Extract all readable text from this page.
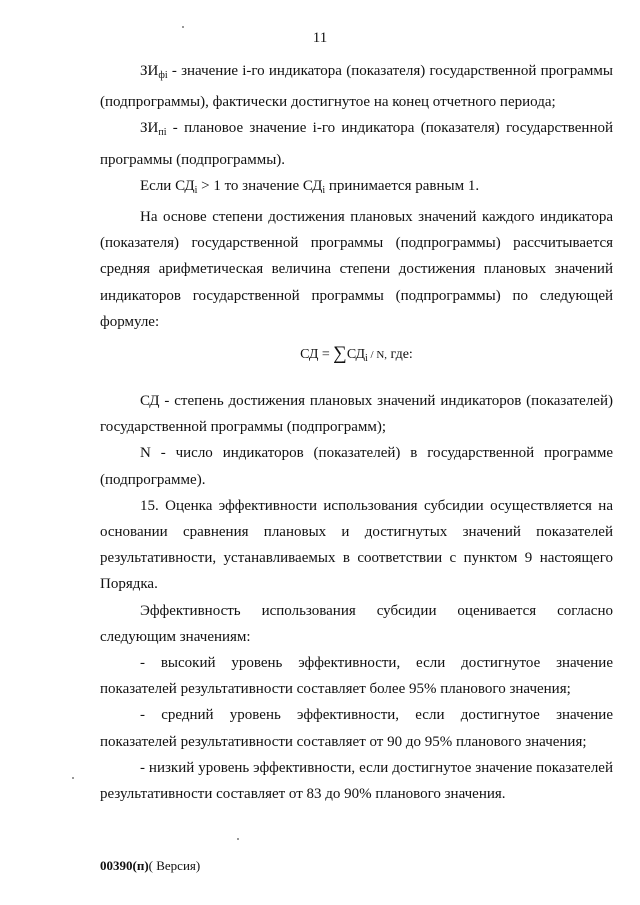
11

$ЗИ_{фi}$ - значение i-го индикатора (показателя) государственной программы (подпрограммы), фактически достигнутое на конец отчетного периода;

$ЗИ_{пi}$ - плановое значение i-го индикатора (показателя) государственной программы (подпрограммы).

Если $СД_i > 1$ то значение $СД_i$ принимается равным 1.

На основе степени достижения плановых значений каждого индикатора (показателя) государственной программы (подпрограммы) рассчитывается средняя арифметическая величина степени достижения плановых значений индикаторов государственной программы (подпрограммы) по следующей формуле:

СД = $\sum СД_i$ / N, где:

СД - степень достижения плановых значений индикаторов (показателей) государственной программы (подпрограмм);

N - число индикаторов (показателей) в государственной программе (подпрограмме).

15. Оценка эффективности использования субсидии осуществляется на основании сравнения плановых и достигнутых значений показателей результативности, устанавливаемых в соответствии с пунктом 9 настоящего Порядка.

Эффективность использования субсидии оценивается согласно следующим значениям:

- высокий уровень эффективности, если достигнутое значение показателей результативности составляет более 95% планового значения;

- средний уровень эффективности, если достигнутое значение показателей результативности составляет от 90 до 95% планового значения;

- низкий уровень эффективности, если достигнутое значение показателей результативности составляет от 83 до 90% планового значения.

00390(п)( Версия)
